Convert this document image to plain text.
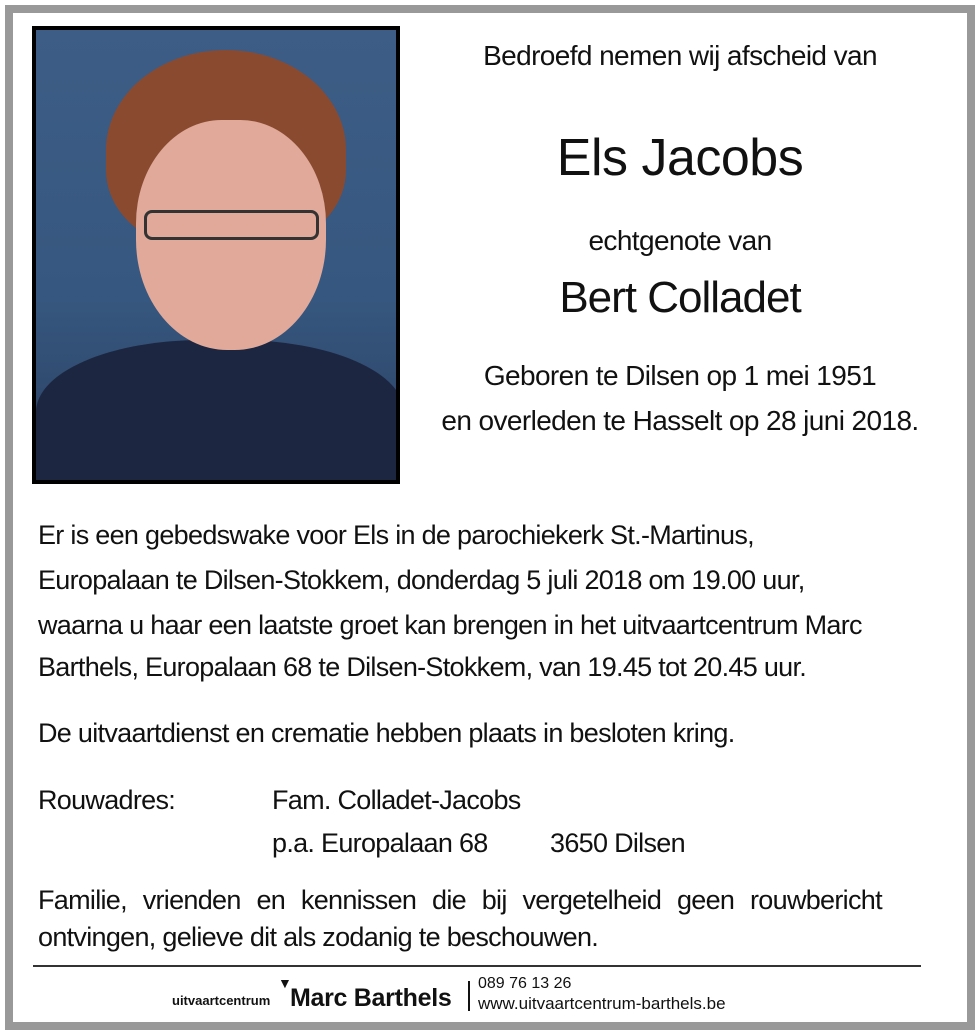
Bedroefd nemen wij afscheid van
Els Jacobs
echtgenote van
Bert Colladet
Geboren te Dilsen op 1 mei 1951
en overleden te Hasselt op 28 juni 2018.
Er is een gebedswake voor Els in de parochiekerk St.-Martinus,
Europalaan te Dilsen-Stokkem, donderdag 5 juli 2018 om 19.00 uur,
waarna u haar een laatste groet kan brengen in het uitvaartcentrum Marc
Barthels, Europalaan 68 te Dilsen-Stokkem, van 19.45 tot 20.45 uur.
De uitvaartdienst en crematie hebben plaats in besloten kring.
Rouwadres:	Fam. Colladet-Jacobs
p.a. Europalaan 68 3650 Dilsen
Familie, vrienden en kennissen die bij vergetelheid geen rouwbericht
ontvingen, gelieve dit als zodanig te beschouwen.
uitvaartcentrum
▼
Marc Barthels
089 76 13 26
www.uitvaartcentrum-barthels.be
